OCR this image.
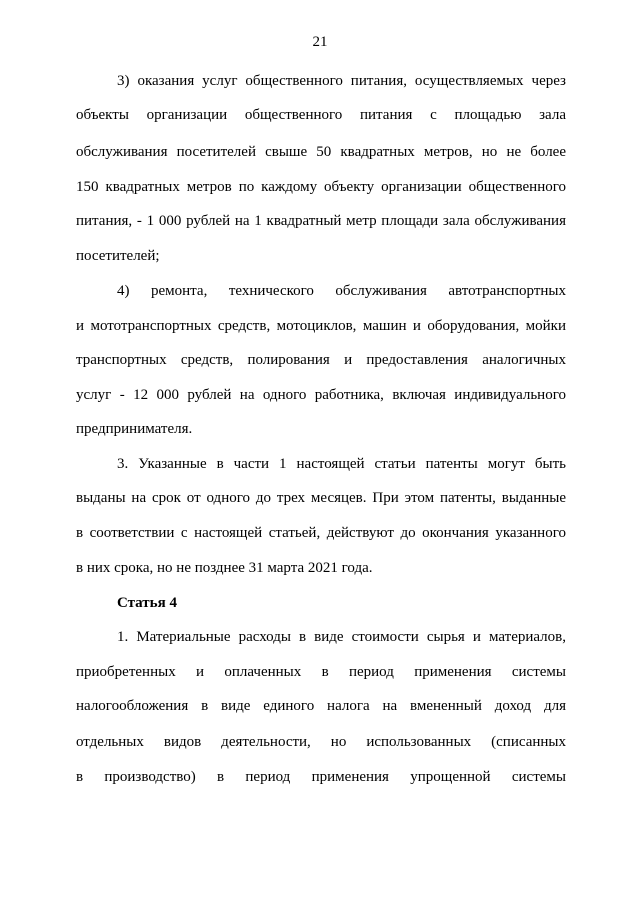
21
3) оказания услуг общественного питания, осуществляемых через
объекты организации общественного питания с площадью зала
обслуживания посетителей свыше 50 квадратных метров, но не более
150 квадратных метров по каждому объекту организации общественного
питания, - 1 000 рублей на 1 квадратный метр площади зала обслуживания
посетителей;
4) ремонта, технического обслуживания автотранспортных
и мототранспортных средств, мотоциклов, машин и оборудования, мойки
транспортных средств, полирования и предоставления аналогичных
услуг - 12 000 рублей на одного работника, включая индивидуального
предпринимателя.
3. Указанные в части 1 настоящей статьи патенты могут быть
выданы на срок от одного до трех месяцев. При этом патенты, выданные
в соответствии с настоящей статьей, действуют до окончания указанного
в них срока, но не позднее 31 марта 2021 года.
Статья 4
1. Материальные расходы в виде стоимости сырья и материалов,
приобретенных и оплаченных в период применения системы
налогообложения в виде единого налога на вмененный доход для
отдельных видов деятельности, но использованных (списанных
в производство) в период применения упрощенной системы
